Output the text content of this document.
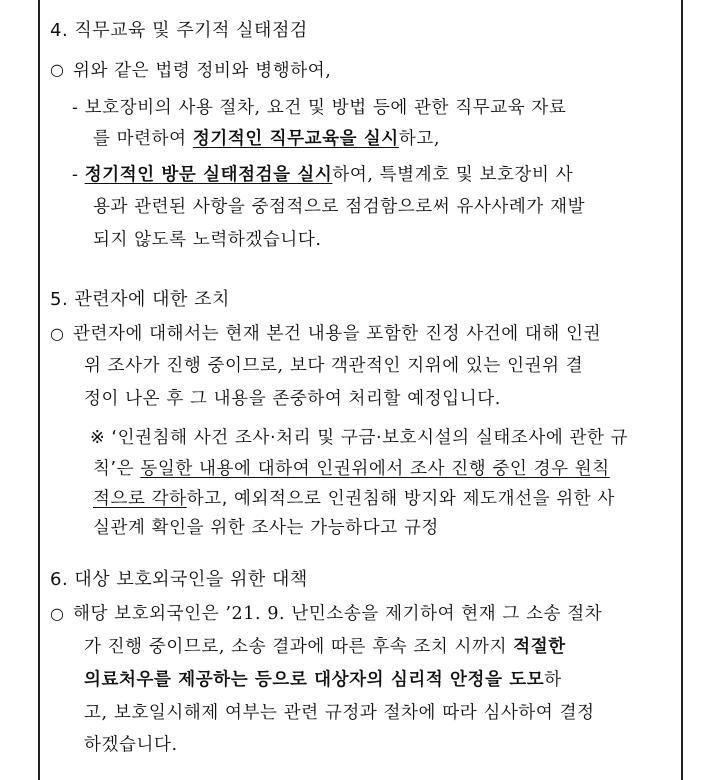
4. 직무교육 및 주기적 실태점검
○ 위와 같은 법령 정비와 병행하여,
- 보호장비의 사용 절차, 요건 및 방법 등에 관한 직무교육 자료
를 마련하여 정기적인 직무교육을 실시하고,
- 정기적인 방문 실태점검을 실시하여, 특별계호 및 보호장비 사
용과 관련된 사항을 중점적으로 점검함으로써 유사사례가 재발
되지 않도록 노력하겠습니다.
5. 관련자에 대한 조치
○ 관련자에 대해서는 현재 본건 내용을 포함한 진정 사건에 대해 인권
위 조사가 진행 중이므로, 보다 객관적인 지위에 있는 인권위 결
정이 나온 후 그 내용을 존중하여 처리할 예정입니다.
※ ‘인권침해 사건 조사·처리 및 구금·보호시설의 실태조사에 관한 규
칙’은 동일한 내용에 대하여 인권위에서 조사 진행 중인 경우 원칙
적으로 각하하고, 예외적으로 인권침해 방지와 제도개선을 위한 사
실관계 확인을 위한 조사는 가능하다고 규정
6. 대상 보호외국인을 위한 대책
○ 해당 보호외국인은 ’21. 9. 난민소송을 제기하여 현재 그 소송 절차
가 진행 중이므로, 소송 결과에 따른 후속 조치 시까지 적절한
의료처우를 제공하는 등으로 대상자의 심리적 안정을 도모하
고, 보호일시해제 여부는 관련 규정과 절차에 따라 심사하여 결정
하겠습니다.
